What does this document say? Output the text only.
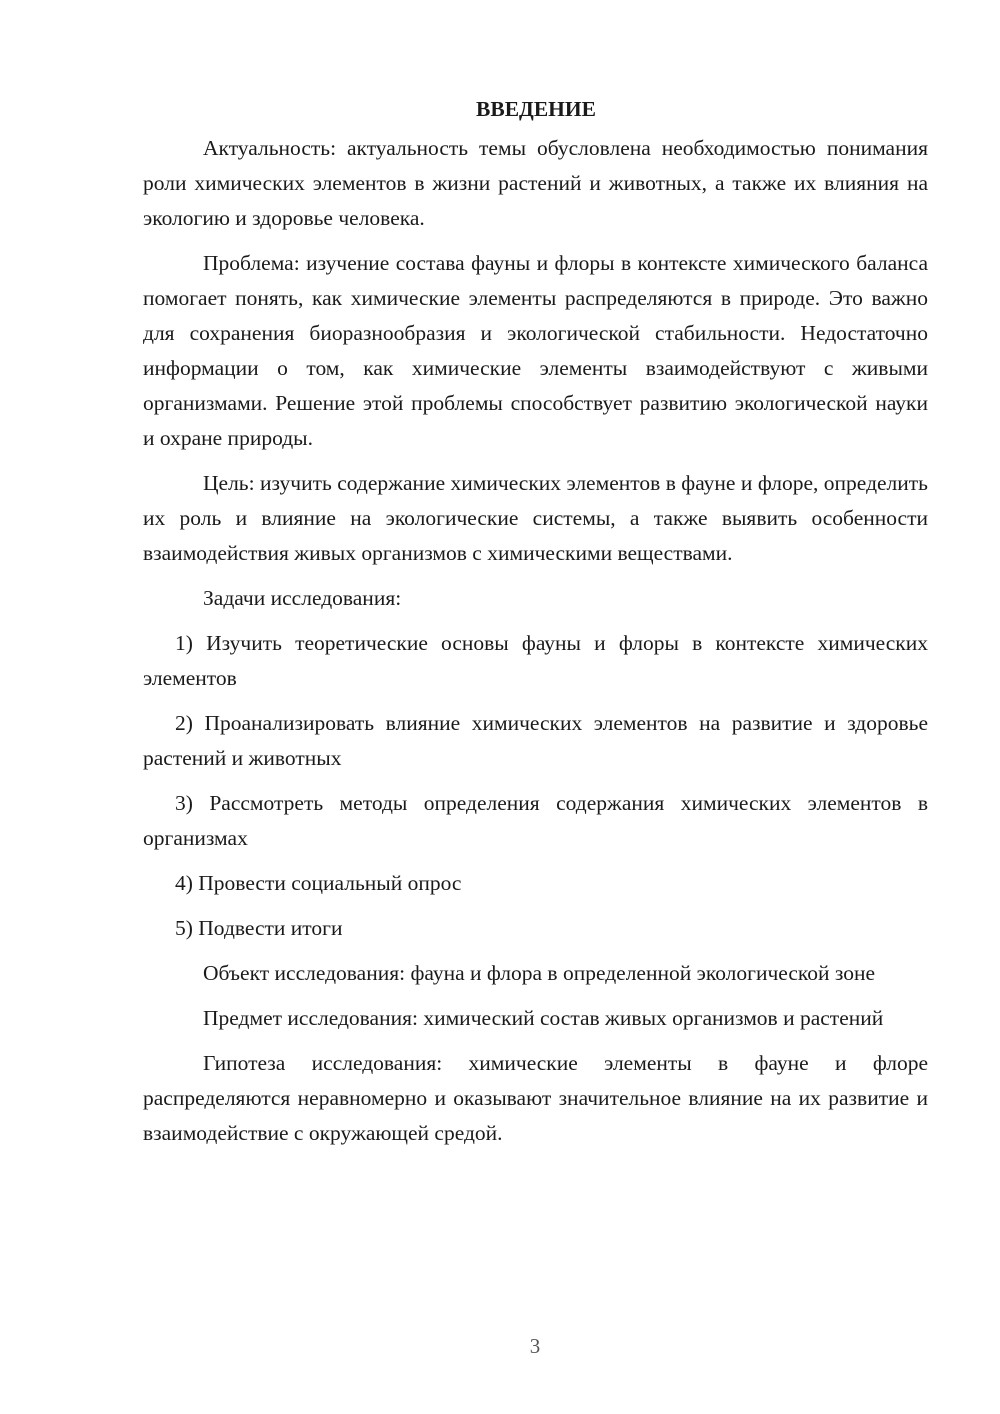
ВВЕДЕНИЕ

Актуальность: актуальность темы обусловлена необходимостью понимания роли химических элементов в жизни растений и животных, а также их влияния на экологию и здоровье человека.

Проблема: изучение состава фауны и флоры в контексте химического баланса помогает понять, как химические элементы распределяются в природе. Это важно для сохранения биоразнообразия и экологической стабильности. Недостаточно информации о том, как химические элементы взаимодействуют с живыми организмами. Решение этой проблемы способствует развитию экологической науки и охране природы.

Цель: изучить содержание химических элементов в фауне и флоре, определить их роль и влияние на экологические системы, а также выявить особенности взаимодействия живых организмов с химическими веществами.

Задачи исследования:

1) Изучить теоретические основы фауны и флоры в контексте химических элементов

2) Проанализировать влияние химических элементов на развитие и здоровье растений и животных

3) Рассмотреть методы определения содержания химических элементов в организмах

4) Провести социальный опрос

5) Подвести итоги

Объект исследования: фауна и флора в определенной экологической зоне

Предмет исследования: химический состав живых организмов и растений

Гипотеза исследования: химические элементы в фауне и флоре распределяются неравномерно и оказывают значительное влияние на их развитие и взаимодействие с окружающей средой.

3
